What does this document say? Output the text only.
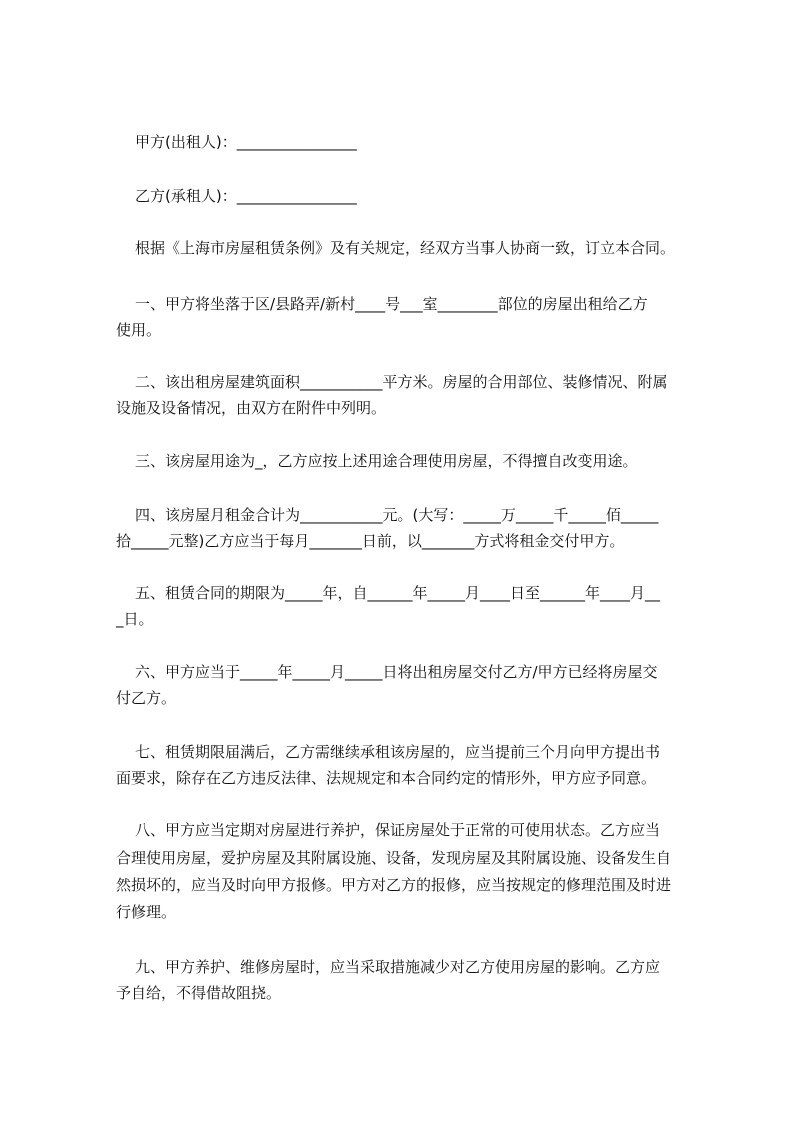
甲方(出租人)：________________
乙方(承租人)：________________
根据《上海市房屋租赁条例》及有关规定，经双方当事人协商一致，订立本合同。
一、甲方将坐落于区/县路弄/新村____号___室________部位的房屋出租给乙方
使用。
二、该出租房屋建筑面积___________平方米。房屋的合用部位、装修情况、附属
设施及设备情况，由双方在附件中列明。
三、该房屋用途为_，乙方应按上述用途合理使用房屋，不得擅自改变用途。
四、该房屋月租金合计为___________元。(大写：_____万_____千_____佰_____
拾_____元整)乙方应当于每月_______日前，以_______方式将租金交付甲方。
五、租赁合同的期限为_____年，自______年_____月____日至______年____月__
_日。
六、甲方应当于_____年_____月_____日将出租房屋交付乙方/甲方已经将房屋交
付乙方。
七、租赁期限届满后，乙方需继续承租该房屋的，应当提前三个月向甲方提出书
面要求，除存在乙方违反法律、法规规定和本合同约定的情形外，甲方应予同意。
八、甲方应当定期对房屋进行养护，保证房屋处于正常的可使用状态。乙方应当
合理使用房屋，爱护房屋及其附属设施、设备，发现房屋及其附属设施、设备发生自
然损坏的，应当及时向甲方报修。甲方对乙方的报修，应当按规定的修理范围及时进
行修理。
九、甲方养护、维修房屋时，应当采取措施减少对乙方使用房屋的影响。乙方应
予自给，不得借故阻挠。
